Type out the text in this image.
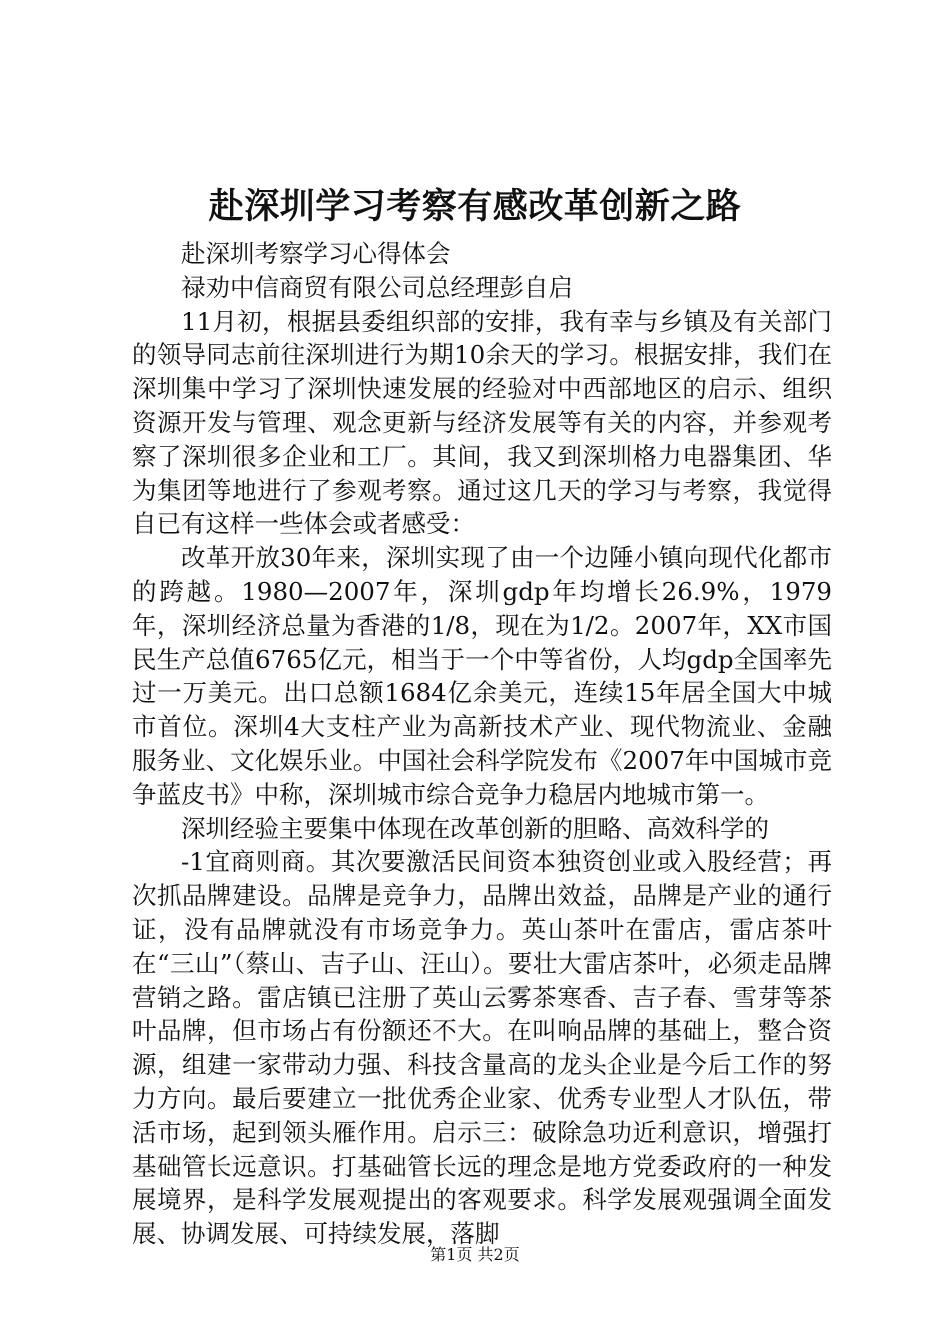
赴深圳学习考察有感改革创新之路

赴深圳考察学习心得体会

禄劝中信商贸有限公司总经理彭自启

11月初，根据县委组织部的安排，我有幸与乡镇及有关部门的领导同志前往深圳进行为期10余天的学习。根据安排，我们在深圳集中学习了深圳快速发展的经验对中西部地区的启示、组织资源开发与管理、观念更新与经济发展等有关的内容，并参观考察了深圳很多企业和工厂。其间，我又到深圳格力电器集团、华为集团等地进行了参观考察。通过这几天的学习与考察，我觉得自已有这样一些体会或者感受：

改革开放30年来，深圳实现了由一个边陲小镇向现代化都市的跨越。1980—2007年，深圳gdp年均增长26.9%，1979年，深圳经济总量为香港的1/8，现在为1/2。2007年，XX市国民生产总值6765亿元，相当于一个中等省份，人均gdp全国率先过一万美元。出口总额1684亿余美元，连续15年居全国大中城市首位。深圳4大支柱产业为高新技术产业、现代物流业、金融服务业、文化娱乐业。中国社会科学院发布《2007年中国城市竞争蓝皮书》中称，深圳城市综合竞争力稳居内地城市第一。

深圳经验主要集中体现在改革创新的胆略、高效科学的

-1宜商则商。其次要激活民间资本独资创业或入股经营；再次抓品牌建设。品牌是竞争力，品牌出效益，品牌是产业的通行证，没有品牌就没有市场竞争力。英山茶叶在雷店，雷店茶叶在“三山”（蔡山、吉子山、汪山）。要壮大雷店茶叶，必须走品牌营销之路。雷店镇已注册了英山云雾茶寒香、吉子春、雪芽等茶叶品牌，但市场占有份额还不大。在叫响品牌的基础上，整合资源，组建一家带动力强、科技含量高的龙头企业是今后工作的努力方向。最后要建立一批优秀企业家、优秀专业型人才队伍，带活市场，起到领头雁作用。启示三：破除急功近利意识，增强打基础管长远意识。打基础管长远的理念是地方党委政府的一种发展境界，是科学发展观提出的客观要求。科学发展观强调全面发展、协调发展、可持续发展，落脚

第1页 共2页
